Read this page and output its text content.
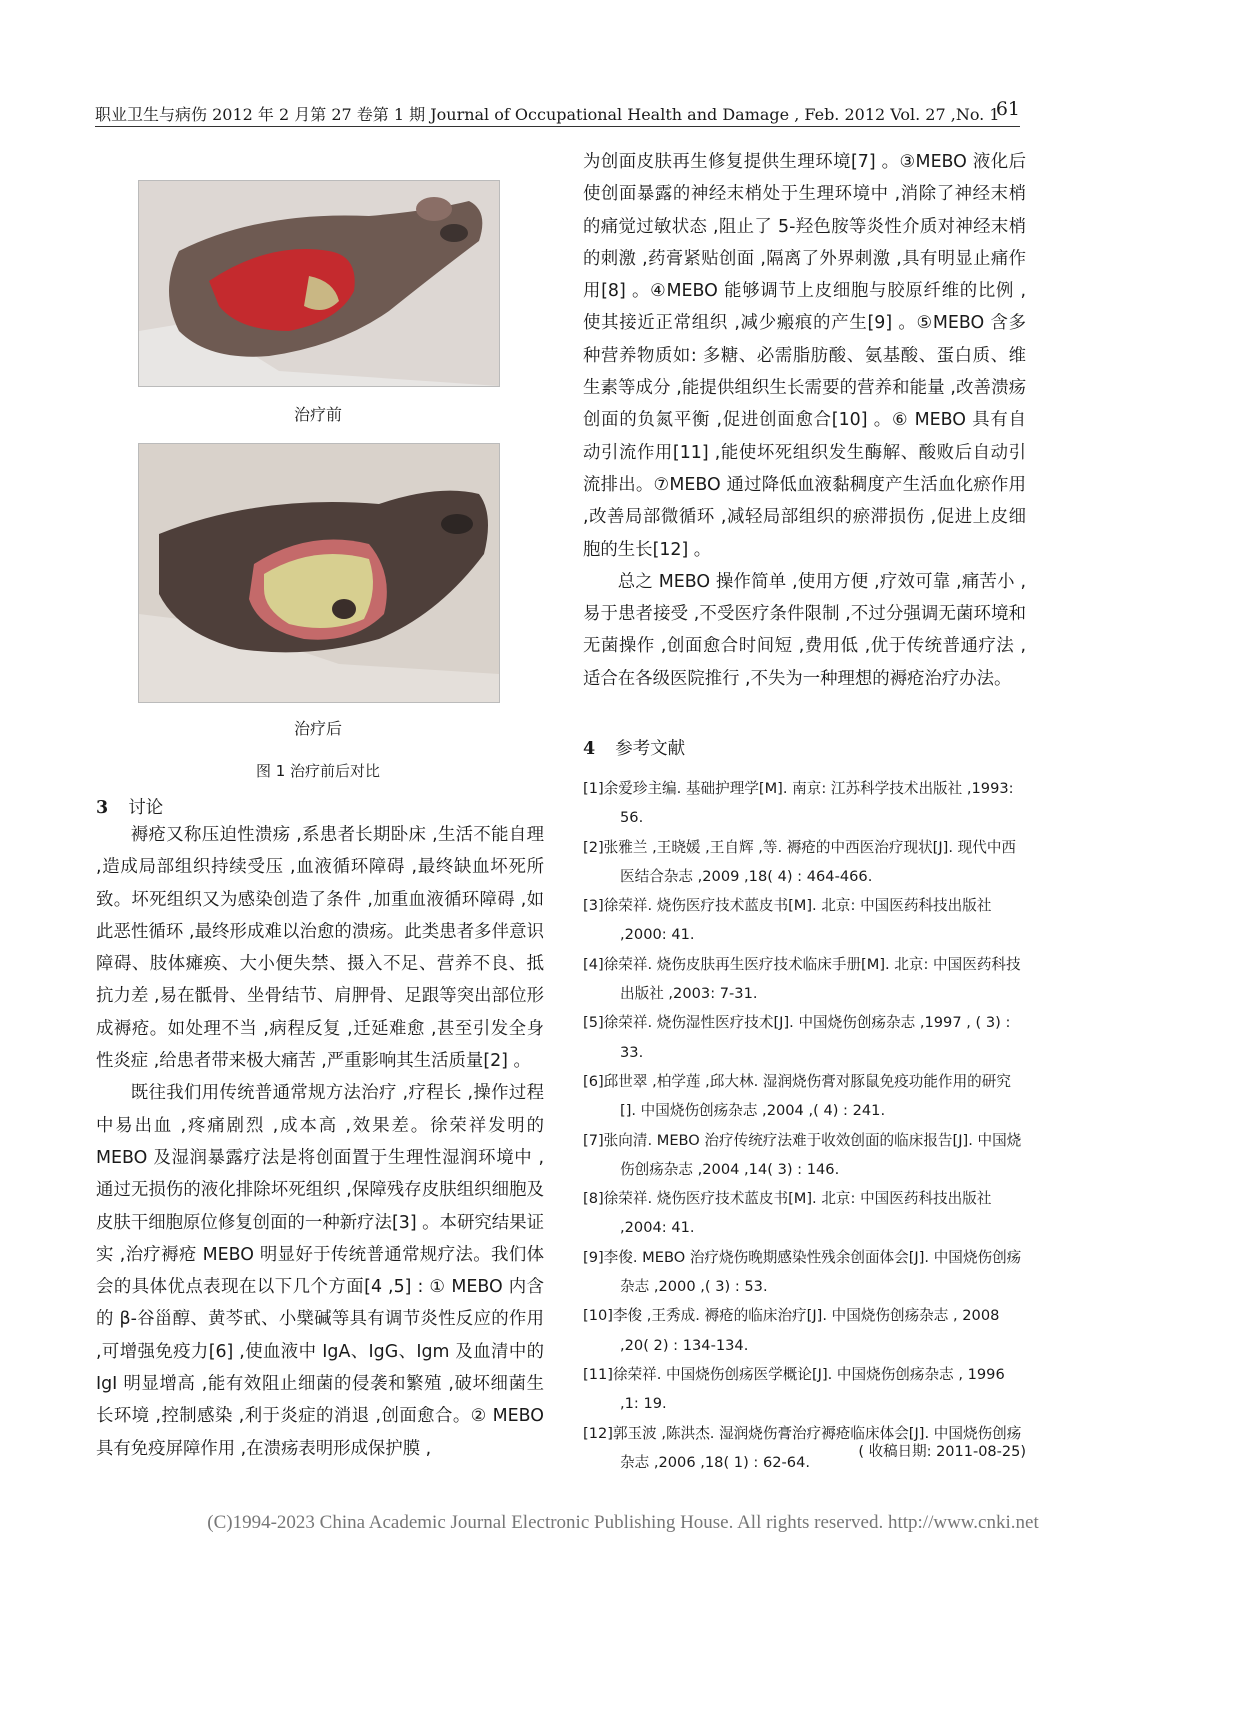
职业卫生与病伤 2012 年 2 月第 27 卷第 1 期 Journal of Occupational Health and Damage , Feb. 2012 Vol. 27 ,No. 1
61
治疗前
治疗后
图 1 治疗前后对比
3 讨论

褥疮又称压迫性溃疡 ,系患者长期卧床 ,生活不能自理 ,造成局部组织持续受压 ,血液循环障碍 ,最终缺血坏死所致。坏死组织又为感染创造了条件 ,加重血液循环障碍 ,如此恶性循环 ,最终形成难以治愈的溃疡。此类患者多伴意识障碍、肢体瘫痪、大小便失禁、摄入不足、营养不良、抵抗力差 ,易在骶骨、坐骨结节、肩胛骨、足跟等突出部位形成褥疮。如处理不当 ,病程反复 ,迁延难愈 ,甚至引发全身性炎症 ,给患者带来极大痛苦 ,严重影响其生活质量[2] 。

既往我们用传统普通常规方法治疗 ,疗程长 ,操作过程中易出血 ,疼痛剧烈 ,成本高 ,效果差。徐荣祥发明的 MEBO 及湿润暴露疗法是将创面置于生理性湿润环境中 ,通过无损伤的液化排除坏死组织 ,保障残存皮肤组织细胞及皮肤干细胞原位修复创面的一种新疗法[3] 。本研究结果证实 ,治疗褥疮 MEBO 明显好于传统普通常规疗法。我们体会的具体优点表现在以下几个方面[4 ,5] : ① MEBO 内含的 β-谷甾醇、黄芩甙、小檗碱等具有调节炎性反应的作用 ,可增强免疫力[6] ,使血液中 IgA、IgG、Igm 及血清中的 IgI 明显增高 ,能有效阻止细菌的侵袭和繁殖 ,破坏细菌生长环境 ,控制感染 ,利于炎症的消退 ,创面愈合。② MEBO 具有免疫屏障作用 ,在溃疡表明形成保护膜 ,

为创面皮肤再生修复提供生理环境[7] 。③MEBO 液化后使创面暴露的神经末梢处于生理环境中 ,消除了神经末梢的痛觉过敏状态 ,阻止了 5-羟色胺等炎性介质对神经末梢的刺激 ,药膏紧贴创面 ,隔离了外界刺激 ,具有明显止痛作用[8] 。④MEBO 能够调节上皮细胞与胶原纤维的比例 ,使其接近正常组织 ,减少瘢痕的产生[9] 。⑤MEBO 含多种营养物质如: 多糖、必需脂肪酸、氨基酸、蛋白质、维生素等成分 ,能提供组织生长需要的营养和能量 ,改善溃疡创面的负氮平衡 ,促进创面愈合[10] 。⑥ MEBO 具有自动引流作用[11] ,能使坏死组织发生酶解、酸败后自动引流排出。⑦MEBO 通过降低血液黏稠度产生活血化瘀作用 ,改善局部微循环 ,减轻局部组织的瘀滞损伤 ,促进上皮细胞的生长[12] 。

总之 MEBO 操作简单 ,使用方便 ,疗效可靠 ,痛苦小 ,易于患者接受 ,不受医疗条件限制 ,不过分强调无菌环境和无菌操作 ,创面愈合时间短 ,费用低 ,优于传统普通疗法 ,适合在各级医院推行 ,不失为一种理想的褥疮治疗办法。

4 参考文献

[1]余爱珍主编. 基础护理学[M]. 南京: 江苏科学技术出版社 ,1993: 56.

[2]张雅兰 ,王晓媛 ,王自辉 ,等. 褥疮的中西医治疗现状[J]. 现代中西医结合杂志 ,2009 ,18( 4) : 464-466.

[3]徐荣祥. 烧伤医疗技术蓝皮书[M]. 北京: 中国医药科技出版社 ,2000: 41.

[4]徐荣祥. 烧伤皮肤再生医疗技术临床手册[M]. 北京: 中国医药科技出版社 ,2003: 7-31.

[5]徐荣祥. 烧伤湿性医疗技术[J]. 中国烧伤创疡杂志 ,1997 , ( 3) : 33.

[6]邱世翠 ,柏学莲 ,邱大林. 湿润烧伤膏对豚鼠免疫功能作用的研究[]. 中国烧伤创疡杂志 ,2004 ,( 4) : 241.

[7]张向清. MEBO 治疗传统疗法难于收效创面的临床报告[J]. 中国烧伤创疡杂志 ,2004 ,14( 3) : 146.

[8]徐荣祥. 烧伤医疗技术蓝皮书[M]. 北京: 中国医药科技出版社 ,2004: 41.

[9]李俊. MEBO 治疗烧伤晚期感染性残余创面体会[J]. 中国烧伤创疡杂志 ,2000 ,( 3) : 53.

[10]李俊 ,王秀成. 褥疮的临床治疗[J]. 中国烧伤创疡杂志 , 2008 ,20( 2) : 134-134.

[11]徐荣祥. 中国烧伤创疡医学概论[J]. 中国烧伤创疡杂志 , 1996 ,1: 19.

[12]郭玉波 ,陈洪杰. 湿润烧伤膏治疗褥疮临床体会[J]. 中国烧伤创疡杂志 ,2006 ,18( 1) : 62-64.

( 收稿日期: 2011-08-25)
(C)1994-2023 China Academic Journal Electronic Publishing House. All rights reserved. http://www.cnki.net
